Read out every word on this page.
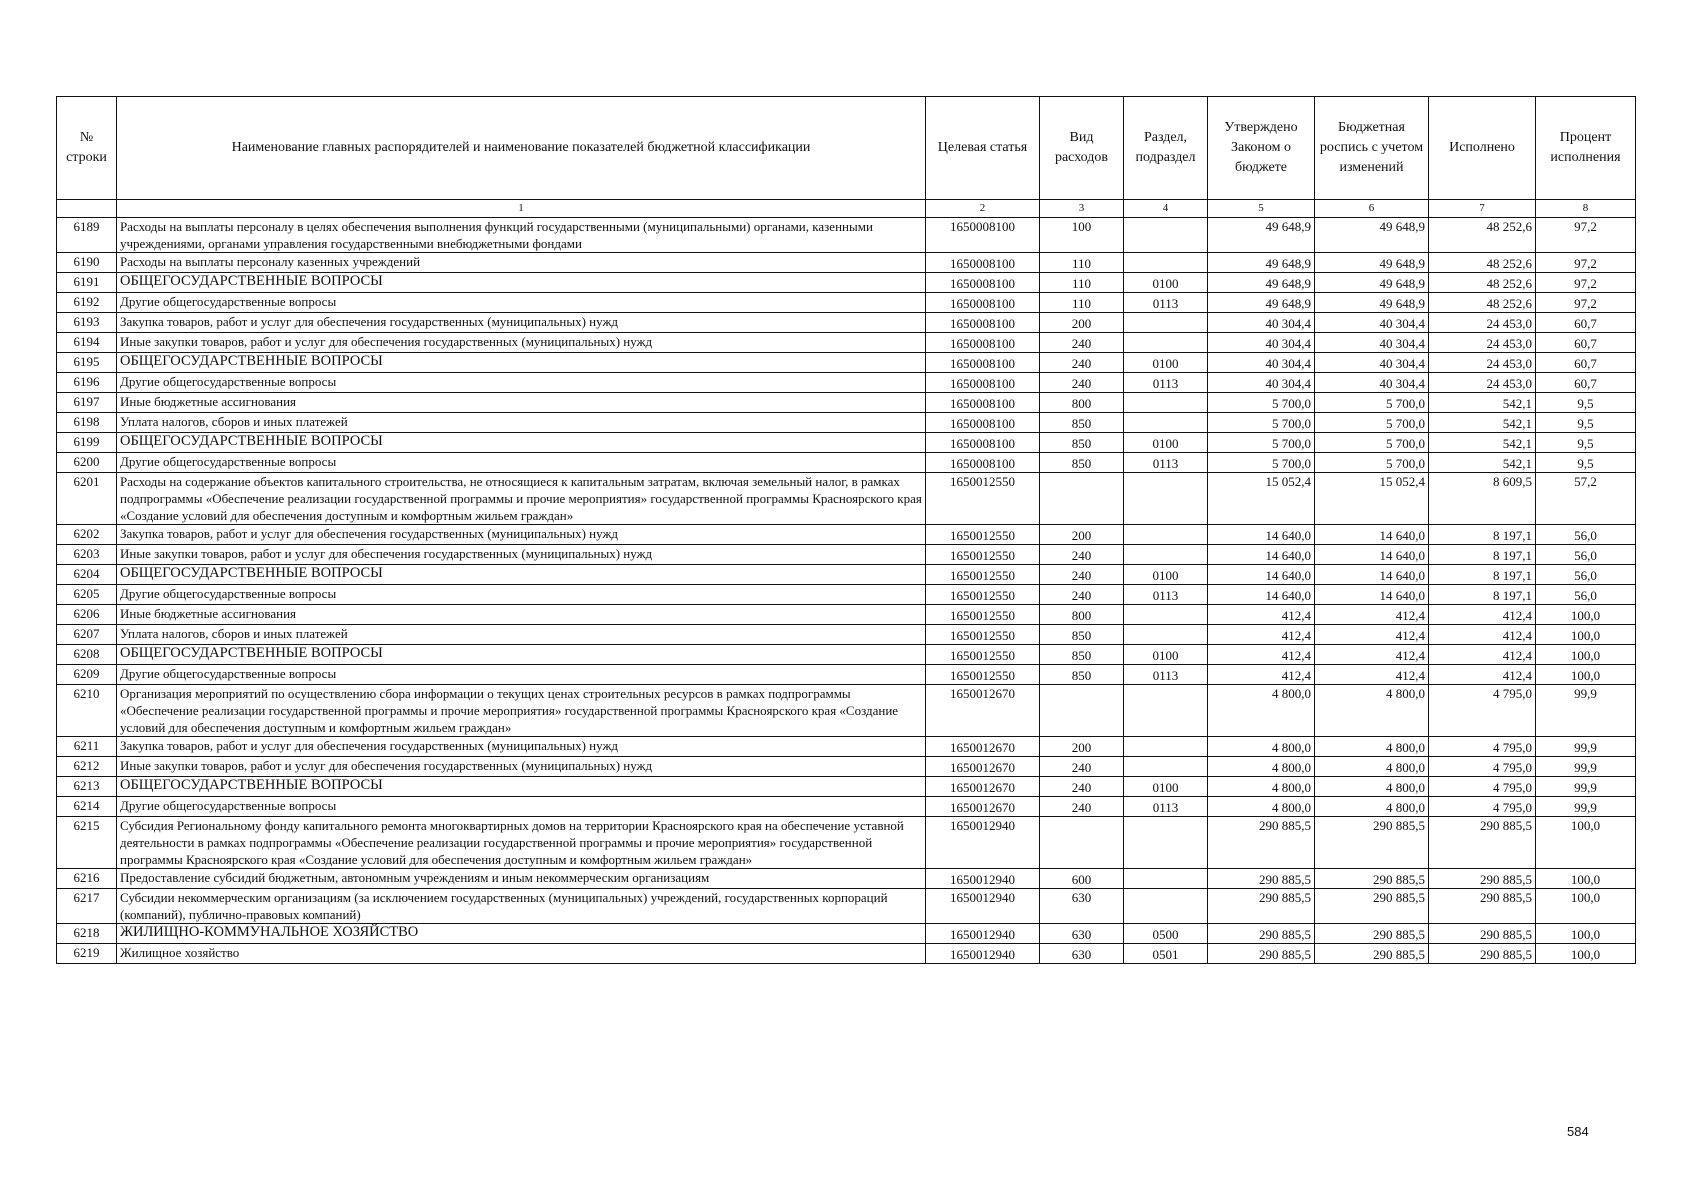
№ строки	Наименование главных распорядителей и наименование показателей бюджетной классификации	Целевая статья	Вид расходов	Раздел, подраздел	Утверждено Законом о бюджете	Бюджетная роспись с учетом изменений	Исполнено	Процент исполнения
	1	2	3	4	5	6	7	8
6189	Расходы на выплаты персоналу в целях обеспечения выполнения функций государственными (муниципальными) органами, казенными учреждениями, органами управления государственными внебюджетными фондами	1650008100	100		49 648,9	49 648,9	48 252,6	97,2
6190	Расходы на выплаты персоналу казенных учреждений	1650008100	110		49 648,9	49 648,9	48 252,6	97,2
6191	ОБЩЕГОСУДАРСТВЕННЫЕ ВОПРОСЫ	1650008100	110	0100	49 648,9	49 648,9	48 252,6	97,2
6192	Другие общегосударственные вопросы	1650008100	110	0113	49 648,9	49 648,9	48 252,6	97,2
6193	Закупка товаров, работ и услуг для обеспечения государственных (муниципальных) нужд	1650008100	200		40 304,4	40 304,4	24 453,0	60,7
6194	Иные закупки товаров, работ и услуг для обеспечения государственных (муниципальных) нужд	1650008100	240		40 304,4	40 304,4	24 453,0	60,7
6195	ОБЩЕГОСУДАРСТВЕННЫЕ ВОПРОСЫ	1650008100	240	0100	40 304,4	40 304,4	24 453,0	60,7
6196	Другие общегосударственные вопросы	1650008100	240	0113	40 304,4	40 304,4	24 453,0	60,7
6197	Иные бюджетные ассигнования	1650008100	800		5 700,0	5 700,0	542,1	9,5
6198	Уплата налогов, сборов и иных платежей	1650008100	850		5 700,0	5 700,0	542,1	9,5
6199	ОБЩЕГОСУДАРСТВЕННЫЕ ВОПРОСЫ	1650008100	850	0100	5 700,0	5 700,0	542,1	9,5
6200	Другие общегосударственные вопросы	1650008100	850	0113	5 700,0	5 700,0	542,1	9,5
6201	Расходы на содержание объектов капитального строительства, не относящиеся к капитальным затратам, включая земельный налог, в рамках подпрограммы «Обеспечение реализации государственной программы и прочие мероприятия» государственной программы Красноярского края «Создание условий для обеспечения доступным и комфортным жильем граждан»	1650012550			15 052,4	15 052,4	8 609,5	57,2
6202	Закупка товаров, работ и услуг для обеспечения государственных (муниципальных) нужд	1650012550	200		14 640,0	14 640,0	8 197,1	56,0
6203	Иные закупки товаров, работ и услуг для обеспечения государственных (муниципальных) нужд	1650012550	240		14 640,0	14 640,0	8 197,1	56,0
6204	ОБЩЕГОСУДАРСТВЕННЫЕ ВОПРОСЫ	1650012550	240	0100	14 640,0	14 640,0	8 197,1	56,0
6205	Другие общегосударственные вопросы	1650012550	240	0113	14 640,0	14 640,0	8 197,1	56,0
6206	Иные бюджетные ассигнования	1650012550	800		412,4	412,4	412,4	100,0
6207	Уплата налогов, сборов и иных платежей	1650012550	850		412,4	412,4	412,4	100,0
6208	ОБЩЕГОСУДАРСТВЕННЫЕ ВОПРОСЫ	1650012550	850	0100	412,4	412,4	412,4	100,0
6209	Другие общегосударственные вопросы	1650012550	850	0113	412,4	412,4	412,4	100,0
6210	Организация мероприятий по осуществлению сбора информации о текущих ценах строительных ресурсов в рамках подпрограммы «Обеспечение реализации государственной программы и прочие мероприятия» государственной программы Красноярского края «Создание условий для обеспечения доступным и комфортным жильем граждан»	1650012670			4 800,0	4 800,0	4 795,0	99,9
6211	Закупка товаров, работ и услуг для обеспечения государственных (муниципальных) нужд	1650012670	200		4 800,0	4 800,0	4 795,0	99,9
6212	Иные закупки товаров, работ и услуг для обеспечения государственных (муниципальных) нужд	1650012670	240		4 800,0	4 800,0	4 795,0	99,9
6213	ОБЩЕГОСУДАРСТВЕННЫЕ ВОПРОСЫ	1650012670	240	0100	4 800,0	4 800,0	4 795,0	99,9
6214	Другие общегосударственные вопросы	1650012670	240	0113	4 800,0	4 800,0	4 795,0	99,9
6215	Субсидия Региональному фонду капитального ремонта многоквартирных домов на территории Красноярского края на обеспечение уставной деятельности в рамках подпрограммы «Обеспечение реализации государственной программы и прочие мероприятия» государственной программы Красноярского края «Создание условий для обеспечения доступным и комфортным жильем граждан»	1650012940			290 885,5	290 885,5	290 885,5	100,0
6216	Предоставление субсидий бюджетным, автономным учреждениям и иным некоммерческим организациям	1650012940	600		290 885,5	290 885,5	290 885,5	100,0
6217	Субсидии некоммерческим организациям (за исключением государственных (муниципальных) учреждений, государственных корпораций (компаний), публично-правовых компаний)	1650012940	630		290 885,5	290 885,5	290 885,5	100,0
6218	ЖИЛИЩНО-КОММУНАЛЬНОЕ ХОЗЯЙСТВО	1650012940	630	0500	290 885,5	290 885,5	290 885,5	100,0
6219	Жилищное хозяйство	1650012940	630	0501	290 885,5	290 885,5	290 885,5	100,0
584
